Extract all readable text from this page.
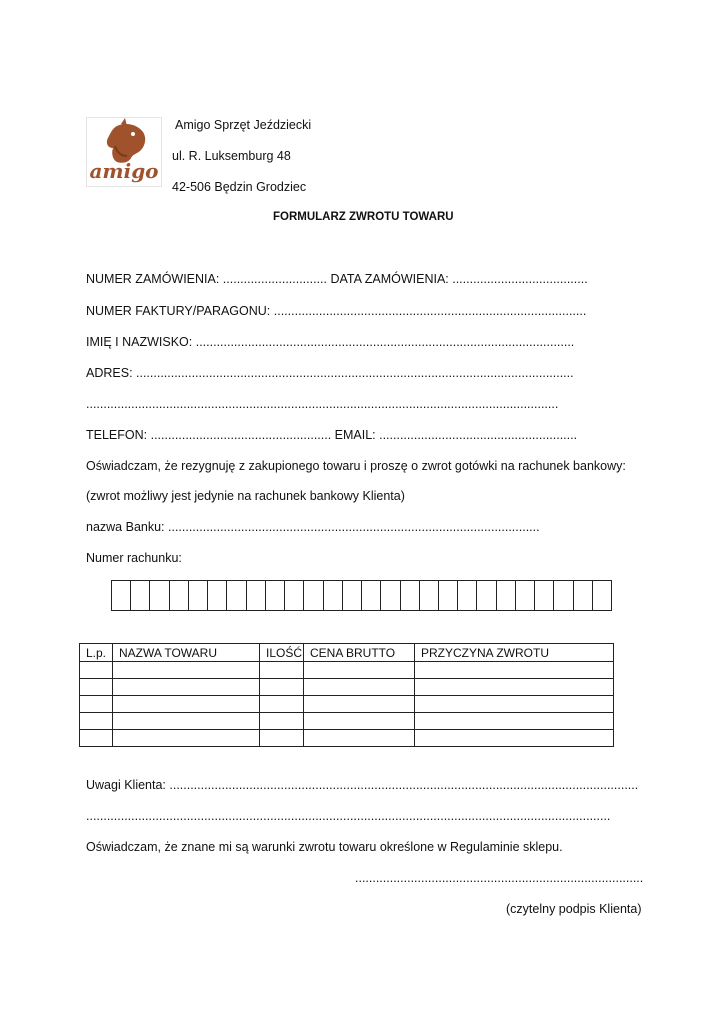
amigo
Amigo Sprzęt Jeździecki
ul. R. Luksemburg 48
42-506 Będzin Grodziec
FORMULARZ ZWROTU TOWARU
NUMER ZAMÓWIENIA: .............................. DATA ZAMÓWIENIA: .......................................
NUMER FAKTURY/PARAGONU: ..........................................................................................
IMIĘ I NAZWISKO: .............................................................................................................
ADRES: ..............................................................................................................................
........................................................................................................................................
TELEFON: .................................................... EMAIL: .........................................................
Oświadczam, że rezygnuję z zakupionego towaru i proszę o zwrot gotówki na rachunek bankowy:
(zwrot możliwy jest jedynie na rachunek bankowy Klienta)
nazwa Banku: ...........................................................................................................
Numer rachunku:
L.p.	NAZWA TOWARU	ILOŚĆ	CENA BRUTTO	PRZYCZYNA ZWROTU

Uwagi Klienta: .......................................................................................................................................
.......................................................................................................................................................
Oświadczam, że znane mi są warunki zwrotu towaru określone w Regulaminie sklepu.
...................................................................................
(czytelny podpis Klienta)
